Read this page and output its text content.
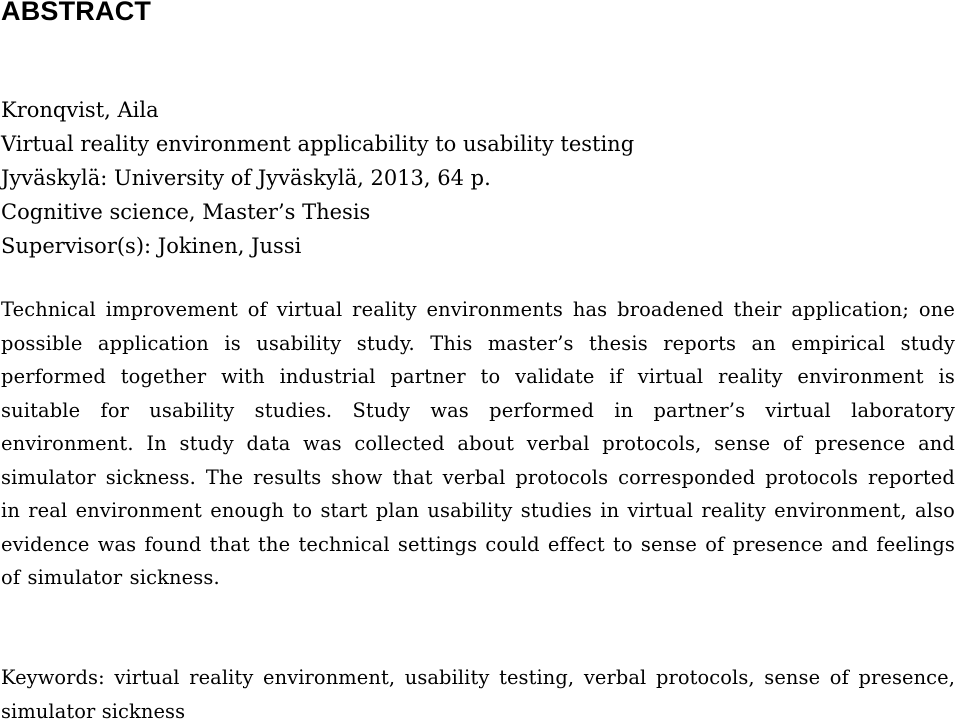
ABSTRACT
Kronqvist, Aila
Virtual reality environment applicability to usability testing
Jyväskylä: University of Jyväskylä, 2013, 64 p.
Cognitive science, Master’s Thesis
Supervisor(s): Jokinen, Jussi

Technical improvement of virtual reality environments has broadened their application; one possible application is usability study. This master’s thesis reports an empirical study performed together with industrial partner to validate if virtual reality environment is suitable for usability studies. Study was performed in partner’s virtual laboratory environment. In study data was collected about verbal protocols, sense of presence and simulator sickness. The results show that verbal protocols corresponded protocols reported in real environment enough to start plan usability studies in virtual reality environment, also evidence was found that the technical settings could effect to sense of presence and feelings of simulator sickness.

Keywords: virtual reality environment, usability testing, verbal protocols, sense of presence, simulator sickness
